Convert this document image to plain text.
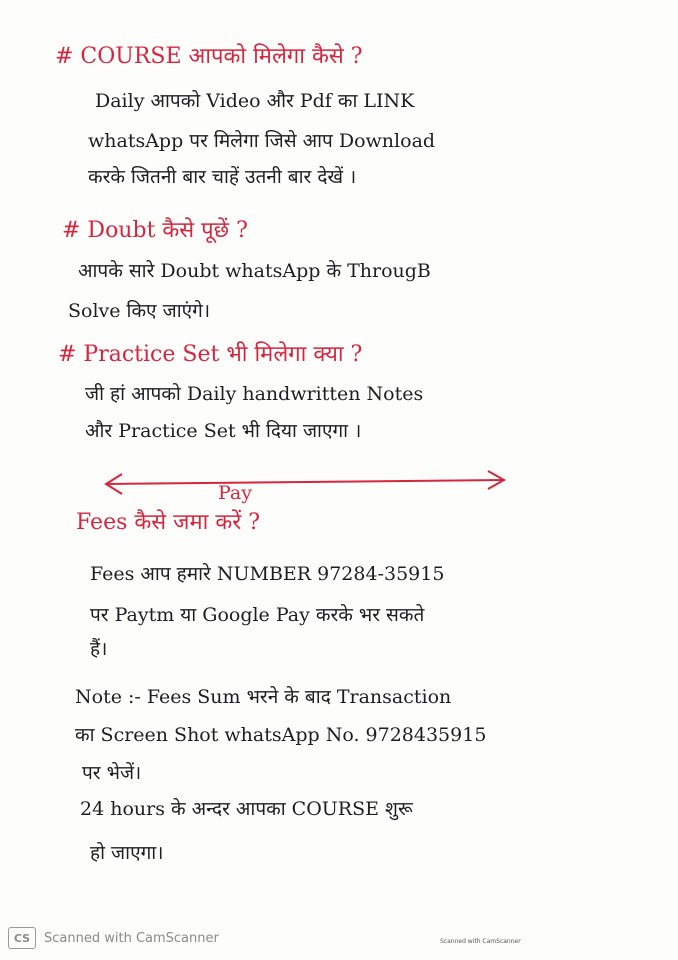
# COURSE आपको मिलेगा कैसे ?
Daily आपको Video और Pdf का LINK
whatsApp पर मिलेगा जिसे आप Download
करके जितनी बार चाहें उतनी बार देखें ।
# Doubt कैसे पूछें ?
आपके सारे Doubt whatsApp के ThrougB
Solve किए जाएंगे।
# Practice Set भी मिलेगा क्या ?
जी हां आपको Daily handwritten Notes
और Practice Set भी दिया जाएगा ।
Pay
Fees कैसे जमा करें ?
Fees आप हमारे NUMBER 97284-35915
पर Paytm या Google Pay करके भर सकते
हैं।
Note :- Fees Sum भरने के बाद Transaction
का Screen Shot whatsApp No. 9728435915
पर भेजें।
24 hours के अन्दर आपका COURSE शुरू
हो जाएगा।
CS	Scanned with CamScanner	Scanned with CamScanner
